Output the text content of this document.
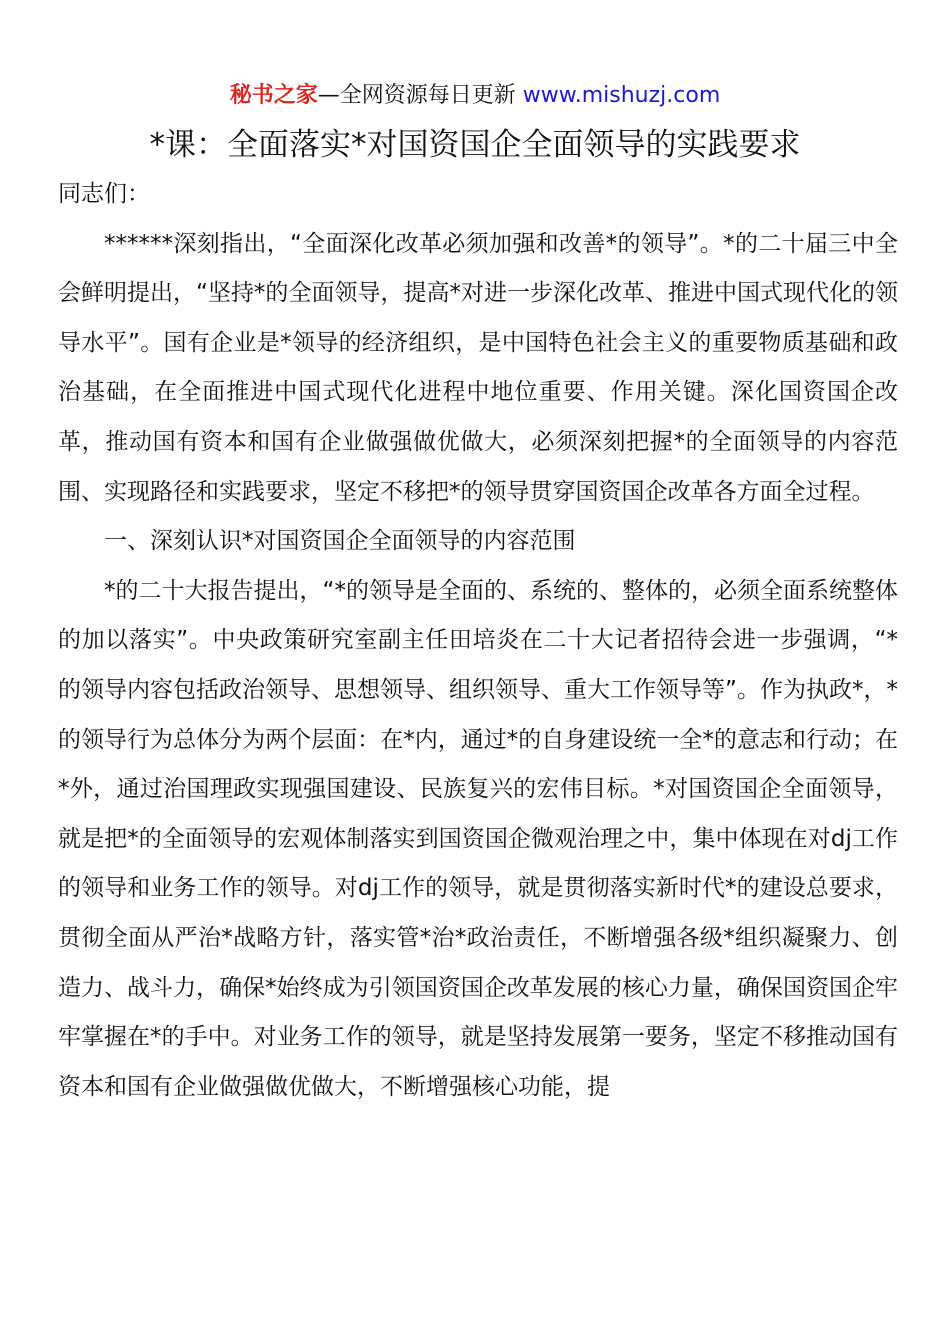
秘书之家—全网资源每日更新 www.mishuzj.com
*课：全面落实*对国资国企全面领导的实践要求

同志们：

******深刻指出，“全面深化改革必须加强和改善*的领导”。*的二十届三中全会鲜明提出，“坚持*的全面领导，提高*对进一步深化改革、推进中国式现代化的领导水平”。国有企业是*领导的经济组织，是中国特色社会主义的重要物质基础和政治基础，在全面推进中国式现代化进程中地位重要、作用关键。深化国资国企改革，推动国有资本和国有企业做强做优做大，必须深刻把握*的全面领导的内容范围、实现路径和实践要求，坚定不移把*的领导贯穿国资国企改革各方面全过程。

一、深刻认识*对国资国企全面领导的内容范围

*的二十大报告提出，“*的领导是全面的、系统的、整体的，必须全面系统整体的加以落实”。中央政策研究室副主任田培炎在二十大记者招待会进一步强调，“*的领导内容包括政治领导、思想领导、组织领导、重大工作领导等”。作为执政*，*的领导行为总体分为两个层面：在*内，通过*的自身建设统一全*的意志和行动；在*外，通过治国理政实现强国建设、民族复兴的宏伟目标。*对国资国企全面领导，就是把*的全面领导的宏观体制落实到国资国企微观治理之中，集中体现在对dj工作的领导和业务工作的领导。对dj工作的领导，就是贯彻落实新时代*的建设总要求，贯彻全面从严治*战略方针，落实管*治*政治责任，不断增强各级*组织凝聚力、创造力、战斗力，确保*始终成为引领国资国企改革发展的核心力量，确保国资国企牢牢掌握在*的手中。对业务工作的领导，就是坚持发展第一要务，坚定不移推动国有资本和国有企业做强做优做大，不断增强核心功能，提
